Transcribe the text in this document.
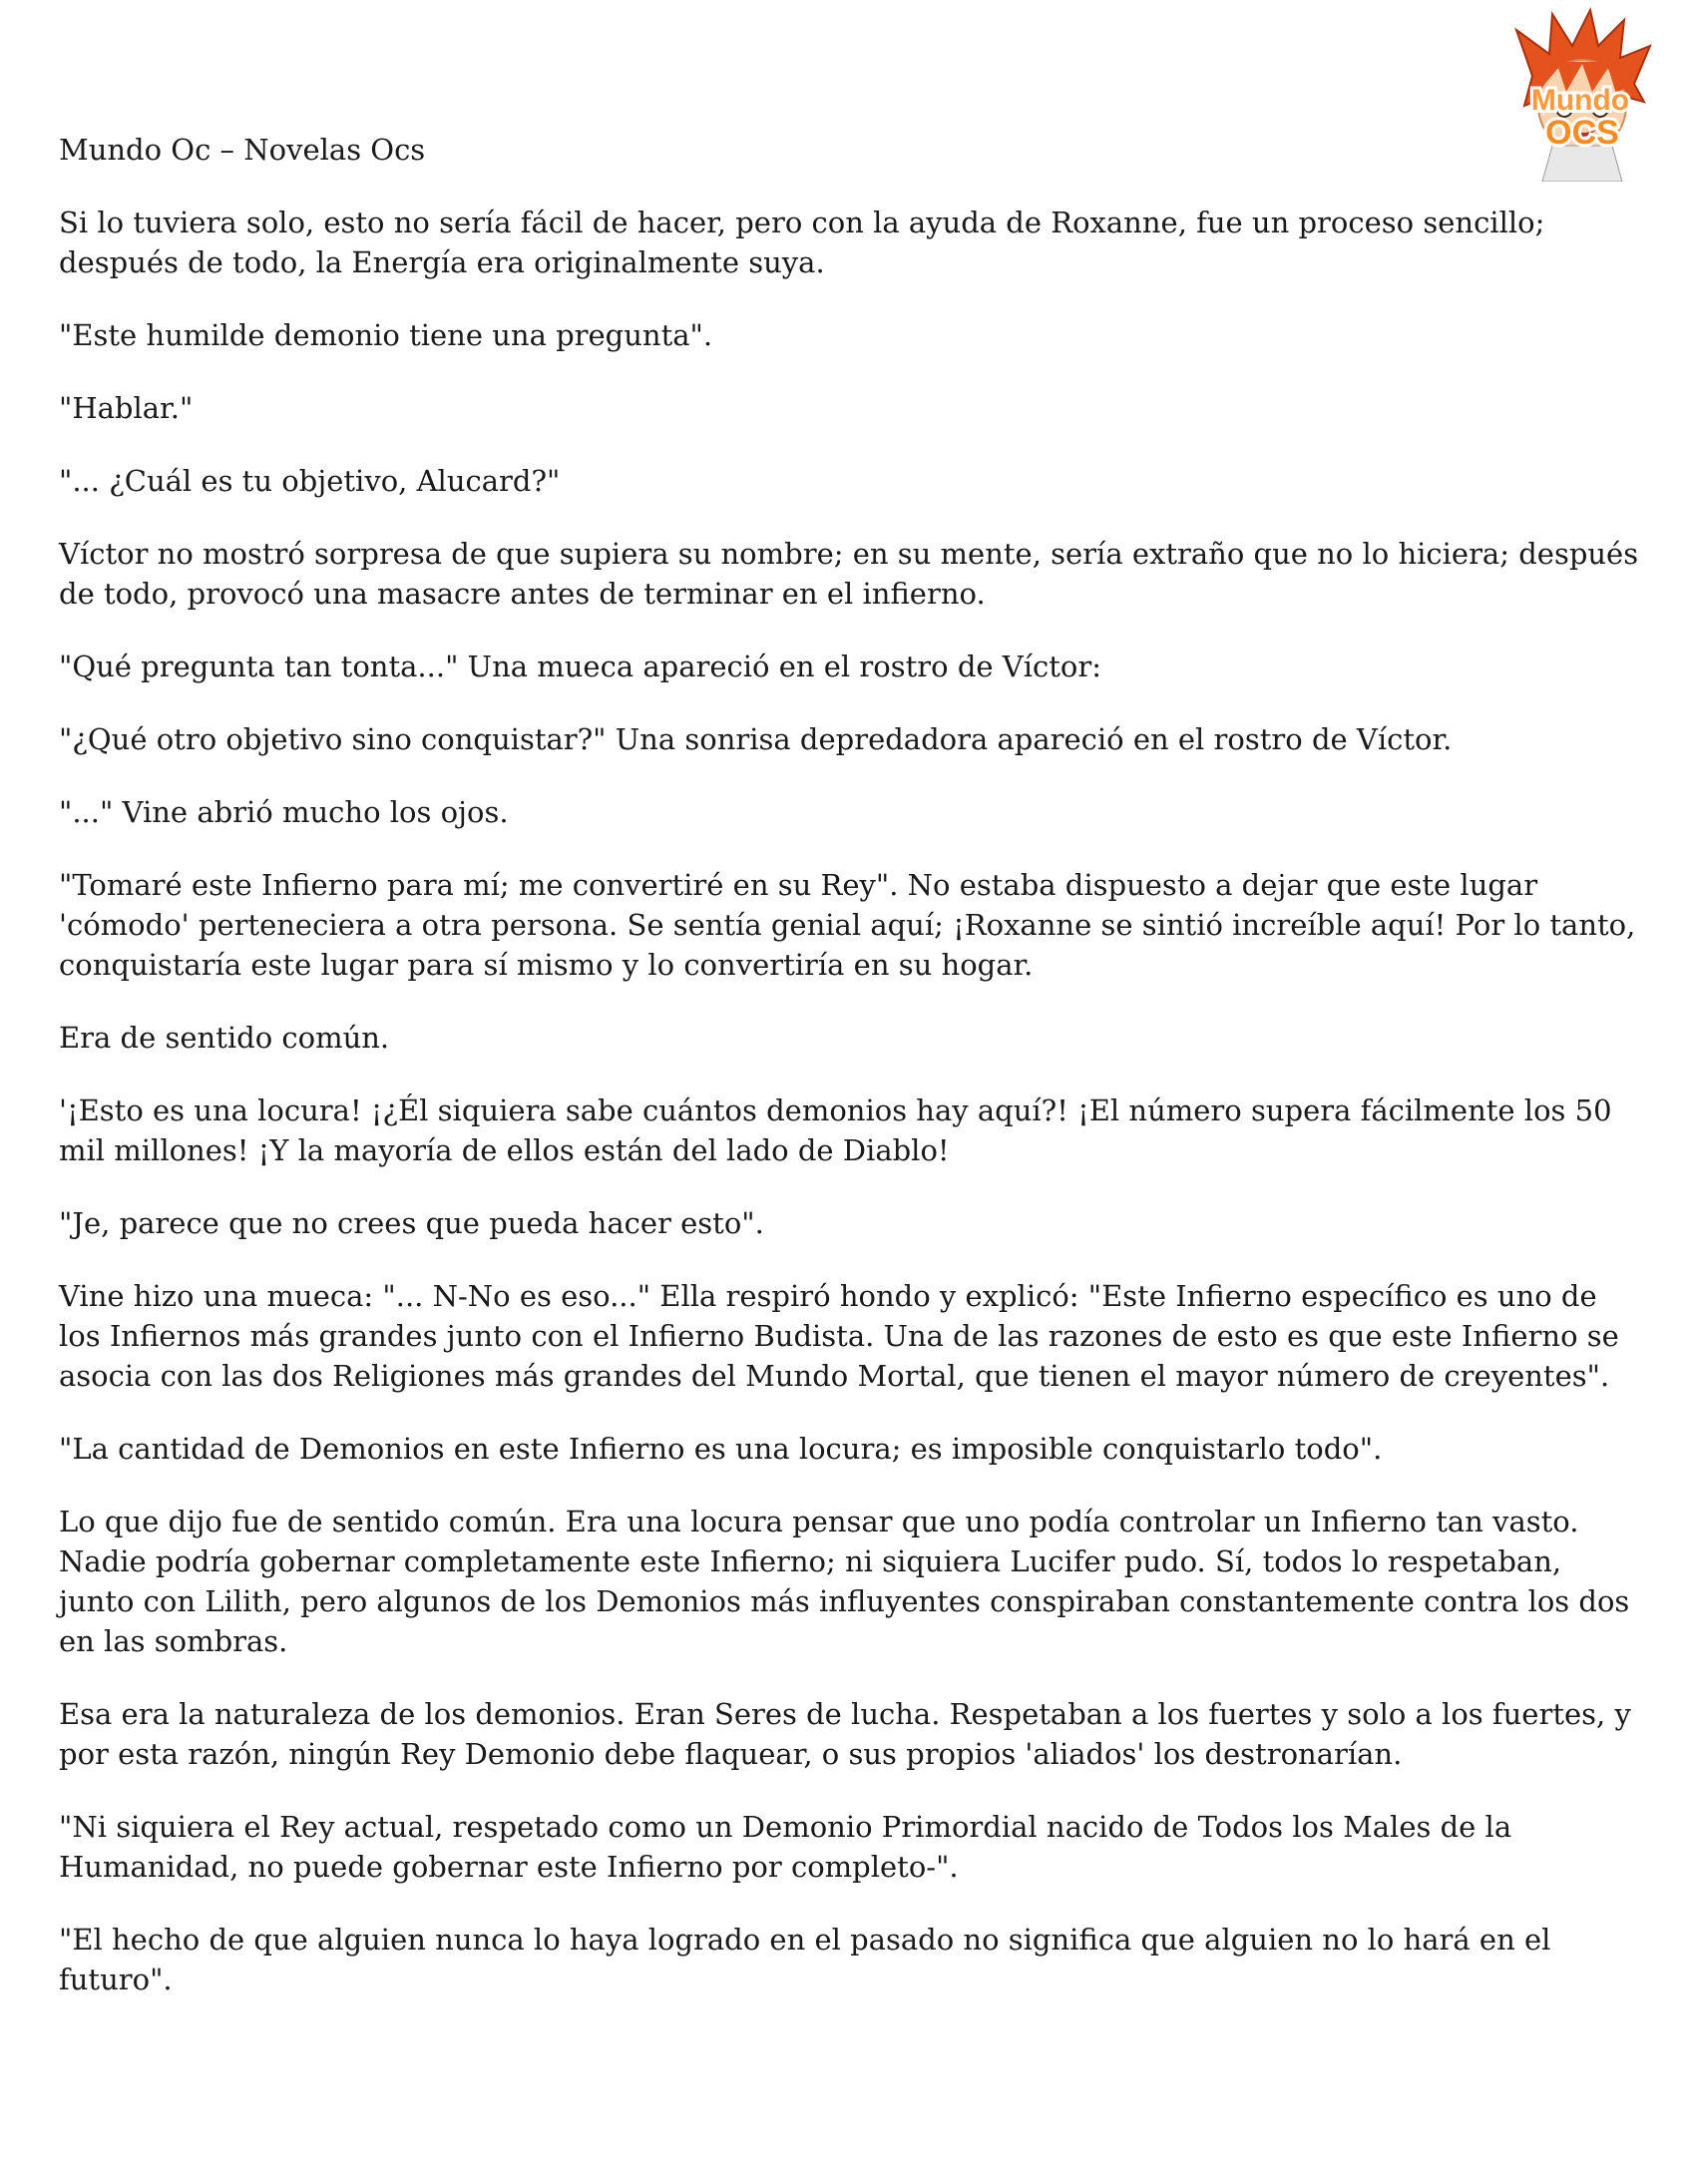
Mundo
OCS
Mundo Oc – Novelas Ocs

Si lo tuviera solo, esto no sería fácil de hacer, pero con la ayuda de Roxanne, fue un proceso sencillo; después de todo, la Energía era originalmente suya.

"Este humilde demonio tiene una pregunta".

"Hablar."

"... ¿Cuál es tu objetivo, Alucard?"

Víctor no mostró sorpresa de que supiera su nombre; en su mente, sería extraño que no lo hiciera; después de todo, provocó una masacre antes de terminar en el infierno.

"Qué pregunta tan tonta..." Una mueca apareció en el rostro de Víctor:

"¿Qué otro objetivo sino conquistar?" Una sonrisa depredadora apareció en el rostro de Víctor.

"..." Vine abrió mucho los ojos.

"Tomaré este Infierno para mí; me convertiré en su Rey". No estaba dispuesto a dejar que este lugar 'cómodo' perteneciera a otra persona. Se sentía genial aquí; ¡Roxanne se sintió increíble aquí! Por lo tanto, conquistaría este lugar para sí mismo y lo convertiría en su hogar.

Era de sentido común.

'¡Esto es una locura! ¡¿Él siquiera sabe cuántos demonios hay aquí?! ¡El número supera fácilmente los 50 mil millones! ¡Y la mayoría de ellos están del lado de Diablo!

"Je, parece que no crees que pueda hacer esto".

Vine hizo una mueca: "... N-No es eso..." Ella respiró hondo y explicó: "Este Infierno específico es uno de los Infiernos más grandes junto con el Infierno Budista. Una de las razones de esto es que este Infierno se asocia con las dos Religiones más grandes del Mundo Mortal, que tienen el mayor número de creyentes".

"La cantidad de Demonios en este Infierno es una locura; es imposible conquistarlo todo".

Lo que dijo fue de sentido común. Era una locura pensar que uno podía controlar un Infierno tan vasto. Nadie podría gobernar completamente este Infierno; ni siquiera Lucifer pudo. Sí, todos lo respetaban, junto con Lilith, pero algunos de los Demonios más influyentes conspiraban constantemente contra los dos en las sombras.

Esa era la naturaleza de los demonios. Eran Seres de lucha. Respetaban a los fuertes y solo a los fuertes, y por esta razón, ningún Rey Demonio debe flaquear, o sus propios 'aliados' los destronarían.

"Ni siquiera el Rey actual, respetado como un Demonio Primordial nacido de Todos los Males de la Humanidad, no puede gobernar este Infierno por completo-".

"El hecho de que alguien nunca lo haya logrado en el pasado no significa que alguien no lo hará en el futuro".
